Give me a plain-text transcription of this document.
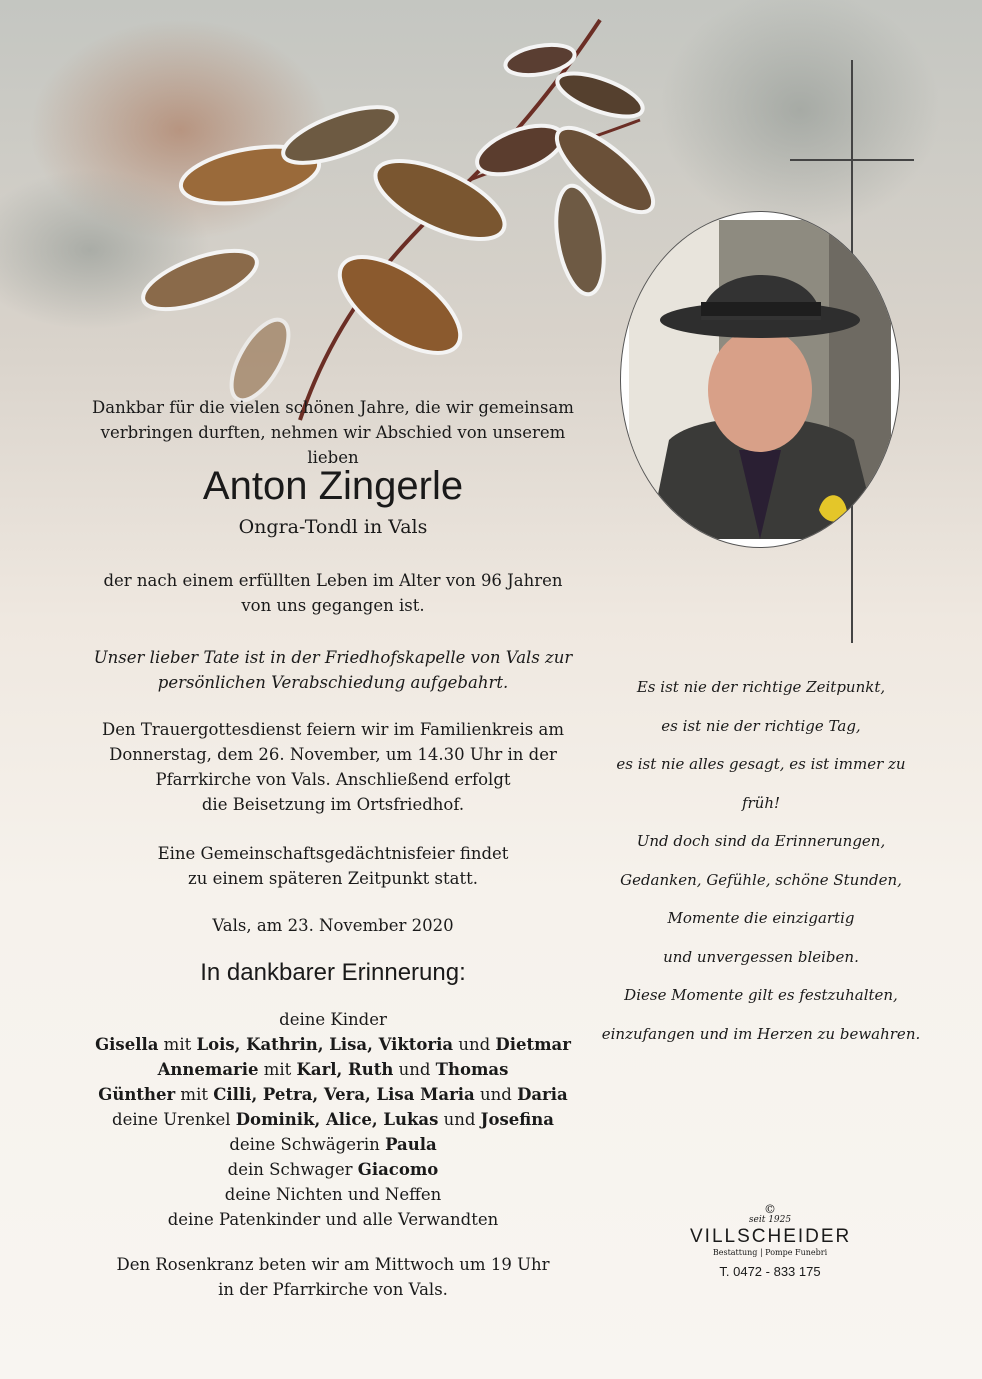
Dankbar für die vielen schönen Jahre, die wir gemeinsam

verbringen durften, nehmen wir Abschied von unserem lieben

Anton Zingerle
Ongra-Tondl in Vals

der nach einem erfüllten Leben im Alter von 96 Jahren

von uns gegangen ist.

Unser lieber Tate ist in der Friedhofskapelle von Vals zur

persönlichen Verabschiedung aufgebahrt.

Den Trauergottesdienst feiern wir im Familienkreis am

Donnerstag, dem 26. November, um 14.30 Uhr in der

Pfarrkirche von Vals. Anschließend erfolgt

die Beisetzung im Ortsfriedhof.

Eine Gemeinschaftsgedächtnisfeier findet

zu einem späteren Zeitpunkt statt.

Vals, am 23. November 2020

In dankbarer Erinnerung:

deine Kinder

Gisella mit Lois, Kathrin, Lisa, Viktoria und Dietmar

Annemarie mit Karl, Ruth und Thomas

Günther mit Cilli, Petra, Vera, Lisa Maria und Daria

deine Urenkel Dominik, Alice, Lukas und Josefina

deine Schwägerin Paula

dein Schwager Giacomo

deine Nichten und Neffen

deine Patenkinder und alle Verwandten

Den Rosenkranz beten wir am Mittwoch um 19 Uhr

in der Pfarrkirche von Vals.

Es ist nie der richtige Zeitpunkt,
es ist nie der richtige Tag,
es ist nie alles gesagt, es ist immer zu früh!
Und doch sind da Erinnerungen,
Gedanken, Gefühle, schöne Stunden,
Momente die einzigartig
und unvergessen bleiben.
Diese Momente gilt es festzuhalten,
einzufangen und im Herzen zu bewahren.
©
seit 1925
VILLSCHEIDER
Bestattung | Pompe Funebri
T. 0472 - 833 175
